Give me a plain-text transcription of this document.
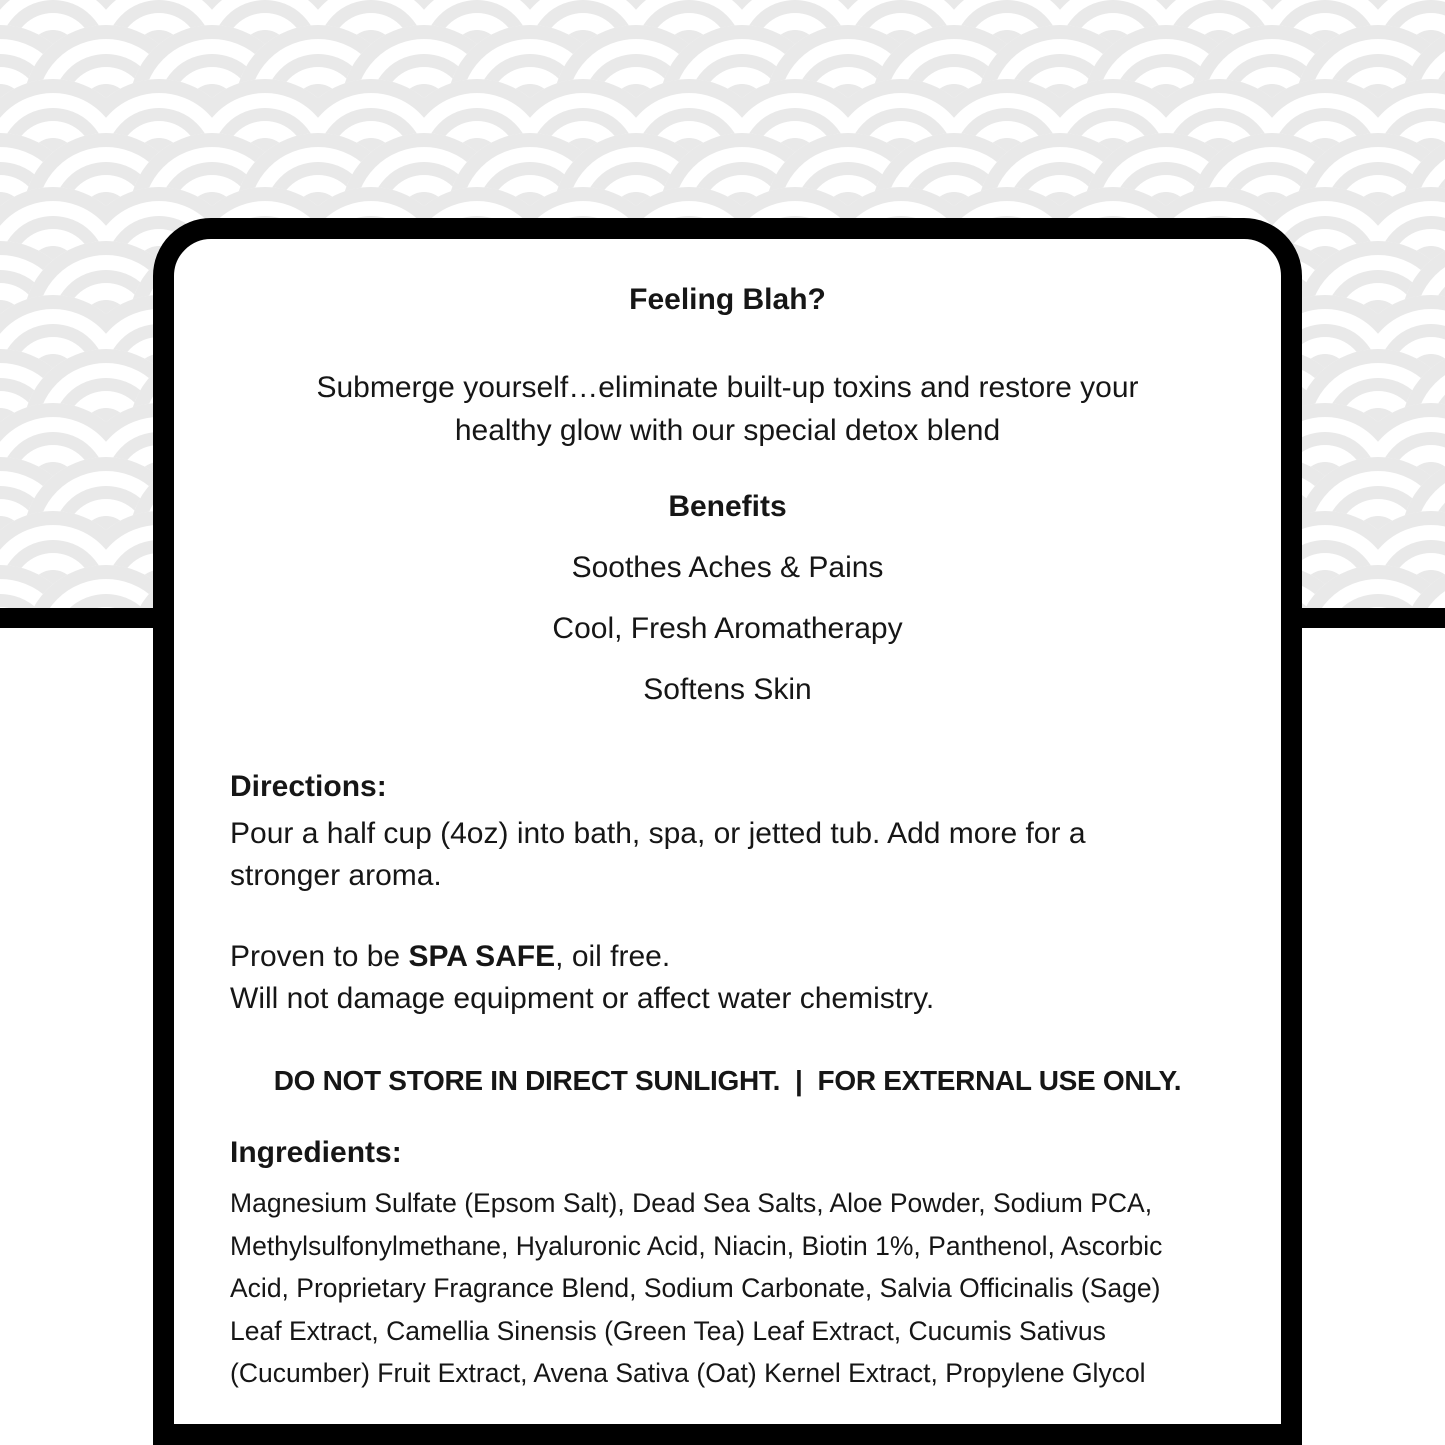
Feeling Blah?
Submerge yourself…eliminate built-up toxins and restore your
healthy glow with our special detox blend
Benefits
Soothes Aches & Pains
Cool, Fresh Aromatherapy
Softens Skin
Directions:
Pour a half cup (4oz) into bath, spa, or jetted tub. Add more for a
stronger aroma.
Proven to be SPA SAFE, oil free.
Will not damage equipment or affect water chemistry.
DO NOT STORE IN DIRECT SUNLIGHT.  |  FOR EXTERNAL USE ONLY.
Ingredients:
Magnesium Sulfate (Epsom Salt), Dead Sea Salts, Aloe Powder, Sodium PCA,
Methylsulfonylmethane, Hyaluronic Acid, Niacin, Biotin 1%, Panthenol, Ascorbic
Acid, Proprietary Fragrance Blend, Sodium Carbonate, Salvia Officinalis (Sage)
Leaf Extract, Camellia Sinensis (Green Tea) Leaf Extract, Cucumis Sativus
(Cucumber) Fruit Extract, Avena Sativa (Oat) Kernel Extract, Propylene Glycol
